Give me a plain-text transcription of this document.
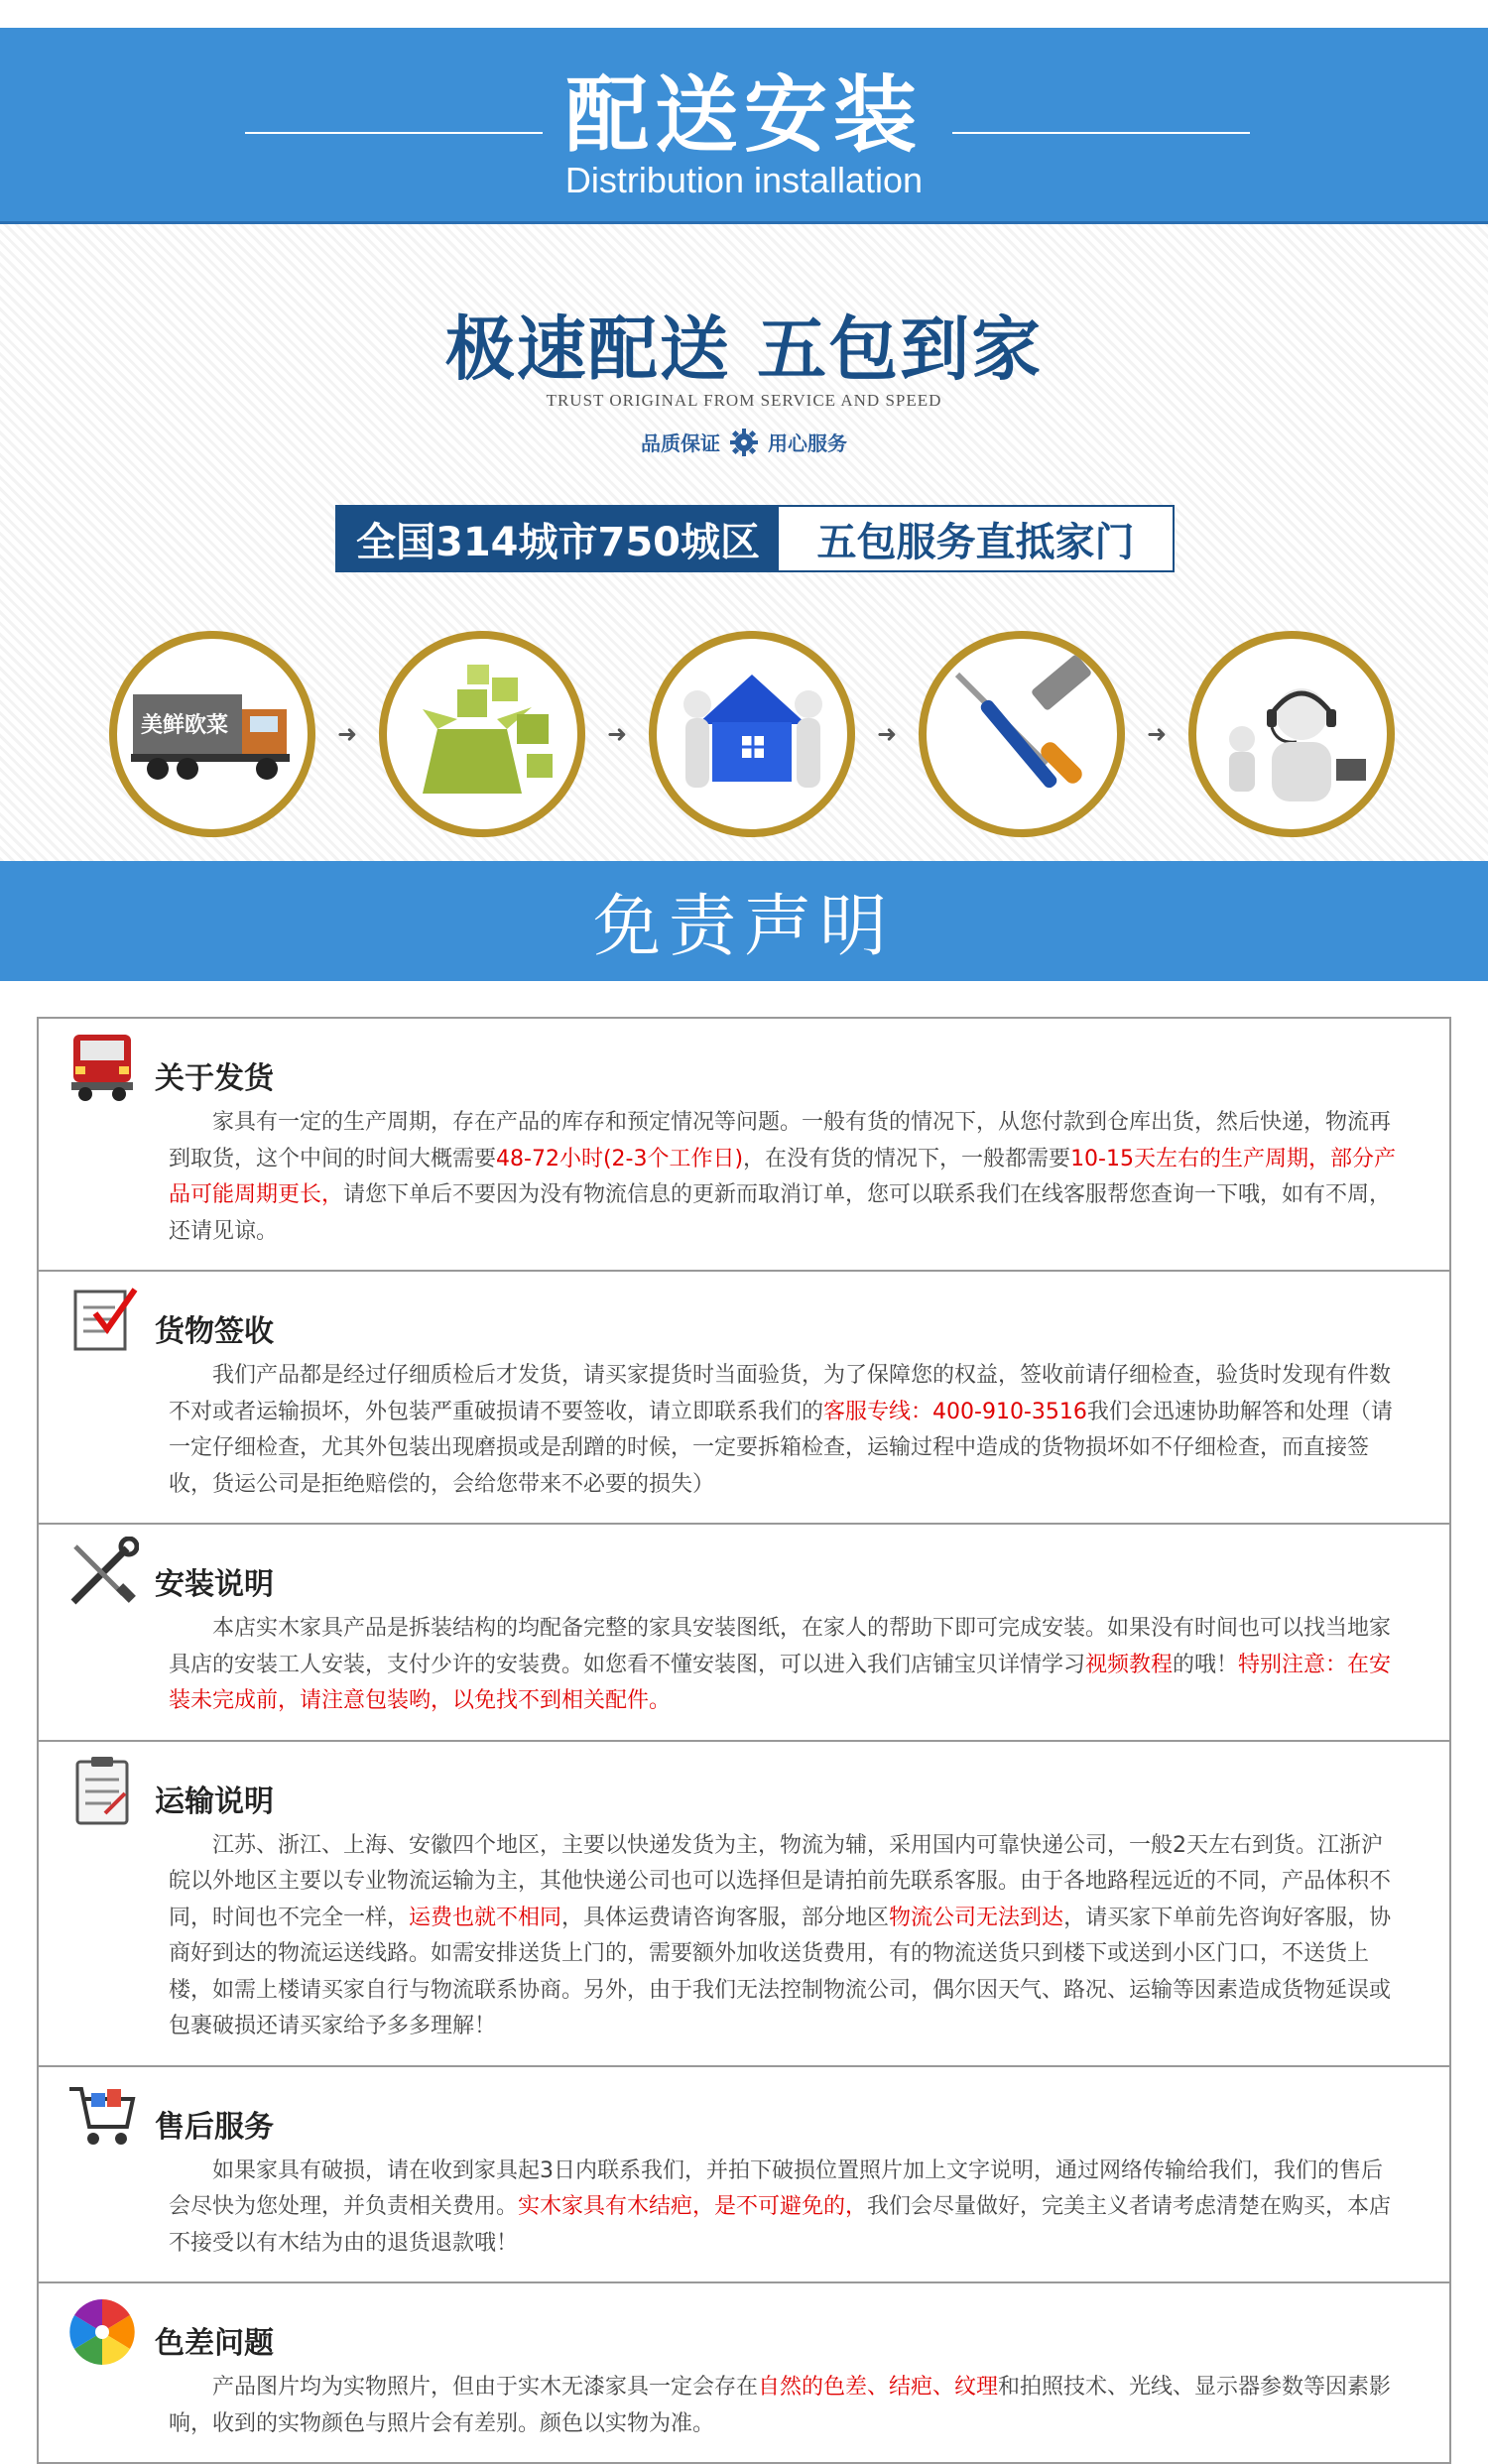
配送安装
Distribution installation
极速配送 五包到家
TRUST ORIGINAL FROM SERVICE AND SPEED
品质保证 用心服务
全国314城市750城区	五包服务直抵家门
美鲜欧菜	➜	➜	➜	➜
免责声明
关于发货
家具有一定的生产周期，存在产品的库存和预定情况等问题。一般有货的情况下，从您付款到仓库出货，然后快递，物流再到取货，这个中间的时间大概需要48-72小时(2-3个工作日)，在没有货的情况下，一般都需要10-15天左右的生产周期，部分产品可能周期更长，请您下单后不要因为没有物流信息的更新而取消订单，您可以联系我们在线客服帮您查询一下哦，如有不周，还请见谅。
货物签收
我们产品都是经过仔细质检后才发货，请买家提货时当面验货，为了保障您的权益，签收前请仔细检查，验货时发现有件数不对或者运输损坏，外包装严重破损请不要签收，请立即联系我们的客服专线：400-910-3516我们会迅速协助解答和处理（请一定仔细检查，尤其外包装出现磨损或是刮蹭的时候，一定要拆箱检查，运输过程中造成的货物损坏如不仔细检查，而直接签收，货运公司是拒绝赔偿的，会给您带来不必要的损失）
安装说明
本店实木家具产品是拆装结构的均配备完整的家具安装图纸，在家人的帮助下即可完成安装。如果没有时间也可以找当地家具店的安装工人安装，支付少许的安装费。如您看不懂安装图，可以进入我们店铺宝贝详情学习视频教程的哦！特别注意：在安装未完成前，请注意包装哟，以免找不到相关配件。
运输说明
江苏、浙江、上海、安徽四个地区，主要以快递发货为主，物流为辅，采用国内可靠快递公司，一般2天左右到货。江浙沪皖以外地区主要以专业物流运输为主，其他快递公司也可以选择但是请拍前先联系客服。由于各地路程远近的不同，产品体积不同，时间也不完全一样，运费也就不相同，具体运费请咨询客服，部分地区物流公司无法到达，请买家下单前先咨询好客服，协商好到达的物流运送线路。如需安排送货上门的，需要额外加收送货费用，有的物流送货只到楼下或送到小区门口，不送货上楼，如需上楼请买家自行与物流联系协商。另外，由于我们无法控制物流公司，偶尔因天气、路况、运输等因素造成货物延误或包裹破损还请买家给予多多理解！
售后服务
如果家具有破损，请在收到家具起3日内联系我们，并拍下破损位置照片加上文字说明，通过网络传输给我们，我们的售后会尽快为您处理，并负责相关费用。实木家具有木结疤，是不可避免的，我们会尽量做好，完美主义者请考虑清楚在购买，本店不接受以有木结为由的退货退款哦！
色差问题
产品图片均为实物照片，但由于实木无漆家具一定会存在自然的色差、结疤、纹理和拍照技术、光线、显示器参数等因素影响，收到的实物颜色与照片会有差别。颜色以实物为准。
